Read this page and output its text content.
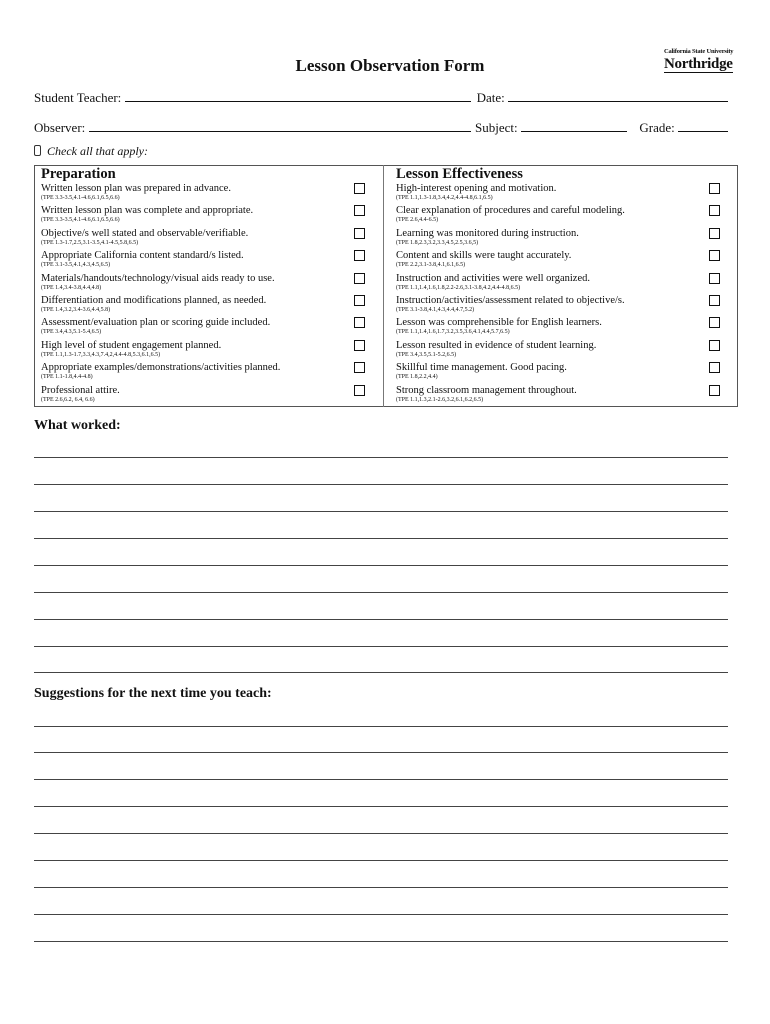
California State University
Northridge
Lesson Observation Form
Student Teacher:	Date:
Observer:	Subject:	Grade:
Check all that apply:
Preparation
Written lesson plan was prepared in advance.
(TPE 3.3-3.5,4.1-4.6,6.1,6.5,6.6)
Written lesson plan was complete and appropriate.
(TPE 3.3-3.5,4.1-4.6,6.1,6.5,6.6)
Objective/s well stated and observable/verifiable.
(TPE 1.3-1.7,2.5,3.1-3.5,4.1-4.5,5.8,6.5)
Appropriate California content standard/s listed.
(TPE 3.1-3.5,4.1,4.3,4.5,6.5)
Materials/handouts/technology/visual aids ready to use.
(TPE 1.4,3.4-3.8,4.4,4.8)
Differentiation and modifications planned, as needed.
(TPE 1.4,3.2,3.4-3.6,4.4,5.8)
Assessment/evaluation plan or scoring guide included.
(TPE 3.4,4.3,5.1-5.4,6.5)
High level of student engagement planned.
(TPE 1.1,1.3-1.7,3.3,4.3,7.4,2,4.4-4.8,5.3,6.1,6.5)
Appropriate examples/demonstrations/activities planned.
(TPE 1.1-1.8,4.4-4.8)
Professional attire.
(TPE 2.6,6.2, 6.4, 6.6)
Lesson Effectiveness
High-interest opening and motivation.
(TPE 1.1,1.3-1.8,3.4,4.2,4.4-4.8,6.1,6.5)
Clear explanation of procedures and careful modeling.
(TPE 2.6,4.4-6.5)
Learning was monitored during instruction.
(TPE 1.8,2.3,3.2,3.3,4.5,2.5,3.6,5)
Content and skills were taught accurately.
(TPE 2.2,3.1-3.8,4.1,6.1,6.5)
Instruction and activities were well organized.
(TPE 1.1,1.4,1.6,1.8,2.2-2.6,3.1-3.8,4.2,4.4-4.8,6.5)
Instruction/activities/assessment related to objective/s.
(TPE 3.1-3.8,4.1,4.3,4.4,4.7,5.2)
Lesson was comprehensible for English learners.
(TPE 1.1,1.4,1.6,1.7,3.2,3.5,3.6,4.1,4.4,5.7,6.5)
Lesson resulted in evidence of student learning.
(TPE 3.4,3.5,5.1-5.2,6.5)
Skillful time management. Good pacing.
(TPE 1.8,2.2,4.4)
Strong classroom management throughout.
(TPE 1.1,1.3,2.1-2.6,3.2,6.1,6.2,6.5)
What worked:
Suggestions for the next time you teach:
